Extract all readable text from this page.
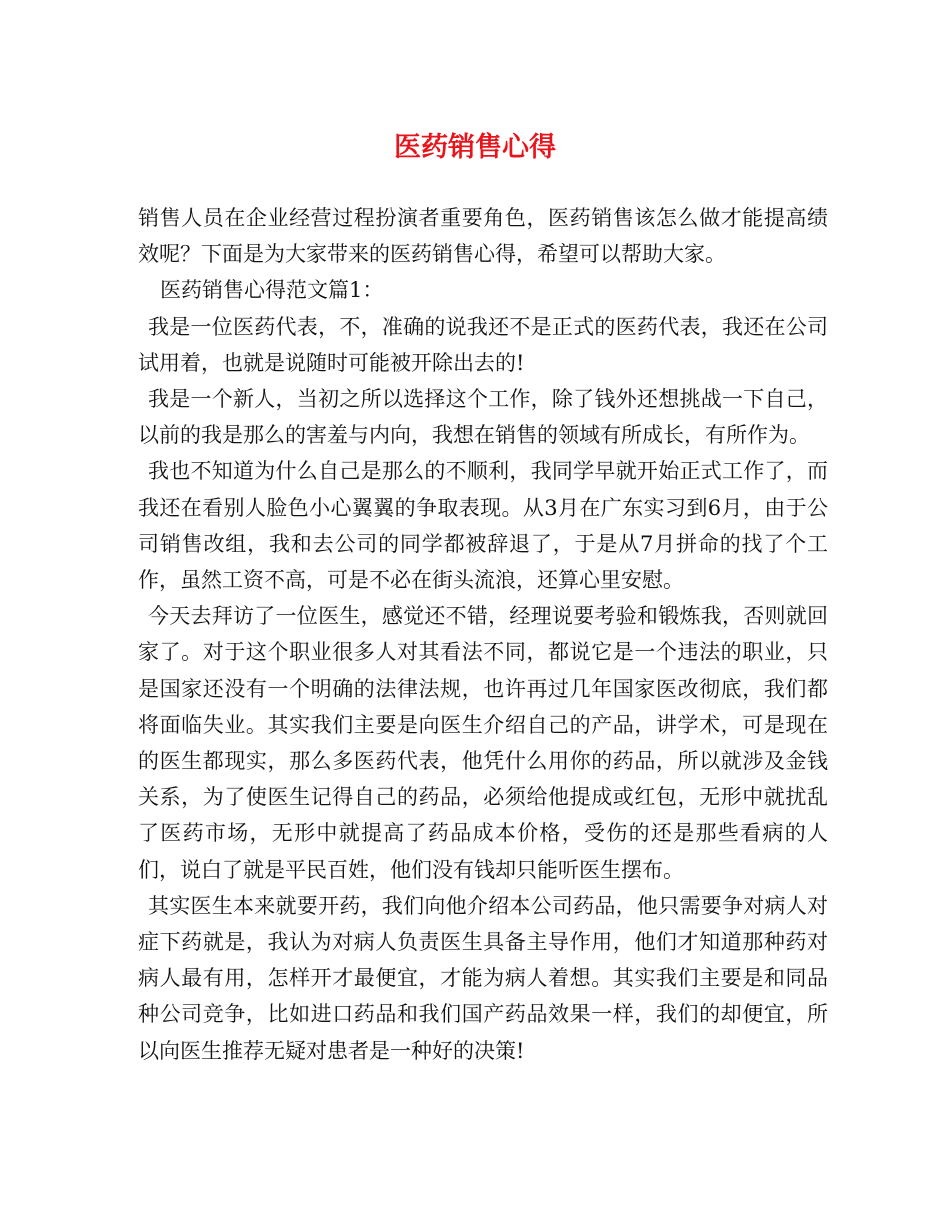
医药销售心得

销售人员在企业经营过程扮演者重要角色，医药销售该怎么做才能提高绩效呢？下面是为大家带来的医药销售心得，希望可以帮助大家。

医药销售心得范文篇1：

我是一位医药代表，不，准确的说我还不是正式的医药代表，我还在公司试用着，也就是说随时可能被开除出去的!

我是一个新人，当初之所以选择这个工作，除了钱外还想挑战一下自己，以前的我是那么的害羞与内向，我想在销售的领域有所成长，有所作为。

我也不知道为什么自己是那么的不顺利，我同学早就开始正式工作了，而我还在看别人脸色小心翼翼的争取表现。从3月在广东实习到6月，由于公司销售改组，我和去公司的同学都被辞退了，于是从7月拼命的找了个工作，虽然工资不高，可是不必在街头流浪，还算心里安慰。

今天去拜访了一位医生，感觉还不错，经理说要考验和锻炼我，否则就回家了。对于这个职业很多人对其看法不同，都说它是一个违法的职业，只是国家还没有一个明确的法律法规，也许再过几年国家医改彻底，我们都将面临失业。其实我们主要是向医生介绍自己的产品，讲学术，可是现在的医生都现实，那么多医药代表，他凭什么用你的药品，所以就涉及金钱关系，为了使医生记得自己的药品，必须给他提成或红包，无形中就扰乱了医药市场，无形中就提高了药品成本价格，受伤的还是那些看病的人们，说白了就是平民百姓，他们没有钱却只能听医生摆布。

其实医生本来就要开药，我们向他介绍本公司药品，他只需要争对病人对症下药就是，我认为对病人负责医生具备主导作用，他们才知道那种药对病人最有用，怎样开才最便宜，才能为病人着想。其实我们主要是和同品种公司竞争，比如进口药品和我们国产药品效果一样，我们的却便宜，所以向医生推荐无疑对患者是一种好的决策!
